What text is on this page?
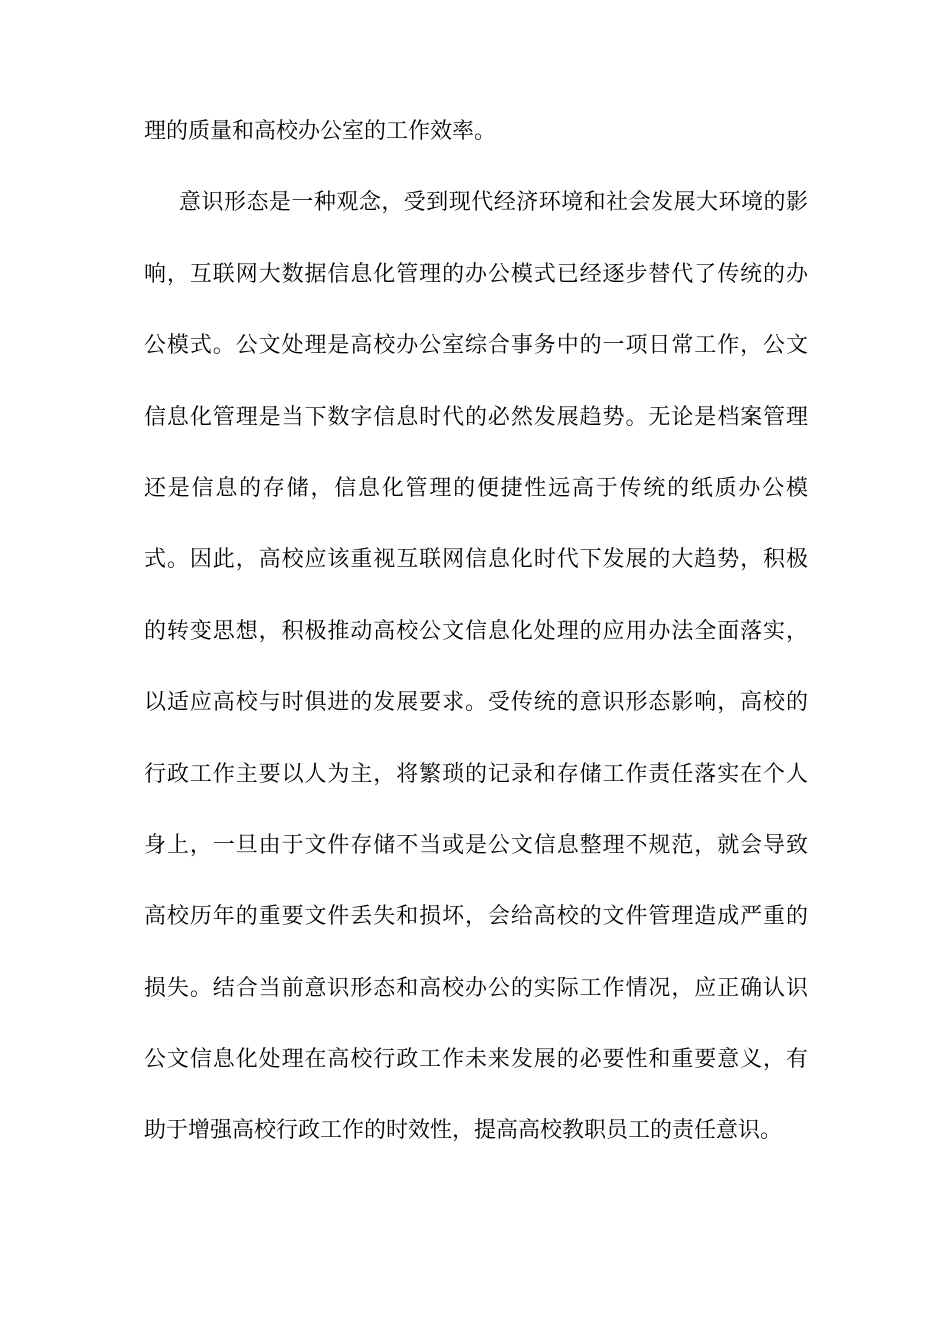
理的质量和高校办公室的工作效率。
意识形态是一种观念，受到现代经济环境和社会发展大环境的影
响，互联网大数据信息化管理的办公模式已经逐步替代了传统的办
公模式。公文处理是高校办公室综合事务中的一项日常工作，公文
信息化管理是当下数字信息时代的必然发展趋势。无论是档案管理
还是信息的存储，信息化管理的便捷性远高于传统的纸质办公模
式。因此，高校应该重视互联网信息化时代下发展的大趋势，积极
的转变思想，积极推动高校公文信息化处理的应用办法全面落实，
以适应高校与时俱进的发展要求。受传统的意识形态影响，高校的
行政工作主要以人为主，将繁琐的记录和存储工作责任落实在个人
身上，一旦由于文件存储不当或是公文信息整理不规范，就会导致
高校历年的重要文件丢失和损坏，会给高校的文件管理造成严重的
损失。结合当前意识形态和高校办公的实际工作情况，应正确认识
公文信息化处理在高校行政工作未来发展的必要性和重要意义，有
助于增强高校行政工作的时效性，提高高校教职员工的责任意识。
